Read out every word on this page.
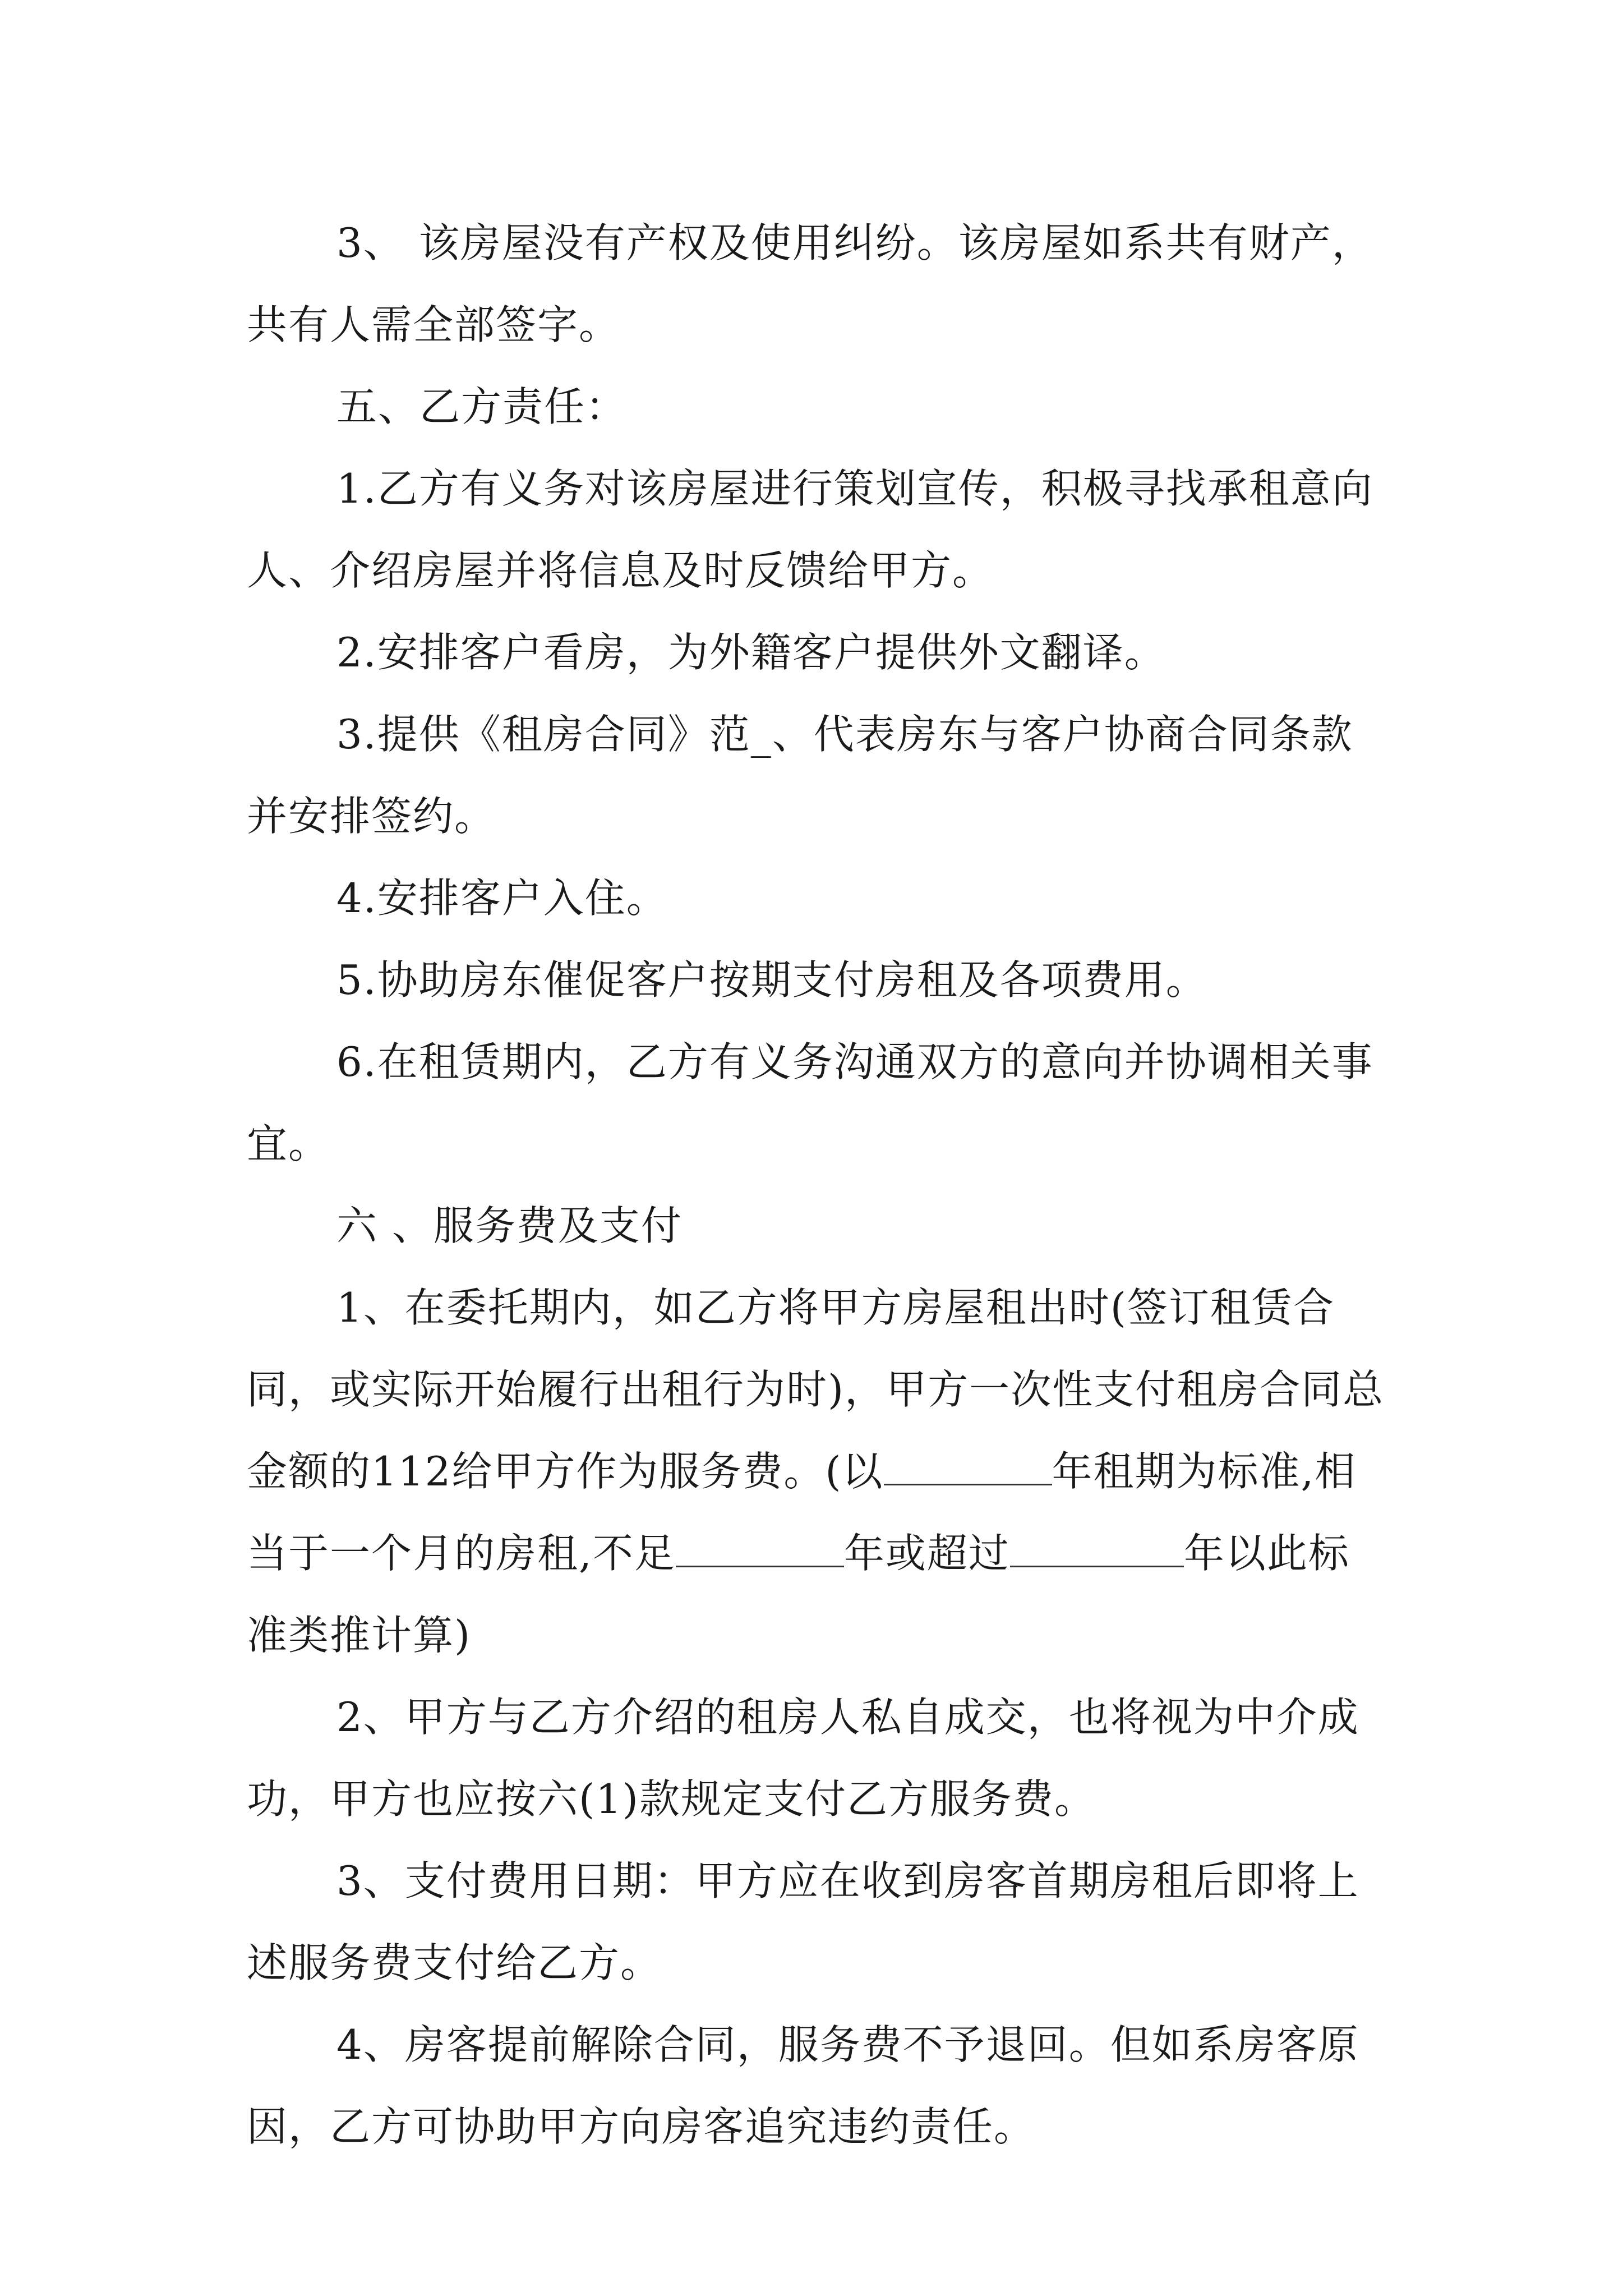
3、 该房屋没有产权及使用纠纷。该房屋如系共有财产，共有人需全部签字。

五、乙方责任：

1.乙方有义务对该房屋进行策划宣传，积极寻找承租意向人、介绍房屋并将信息及时反馈给甲方。

2.安排客户看房，为外籍客户提供外文翻译。

3.提供《租房合同》范_、代表房东与客户协商合同条款并安排签约。

4.安排客户入住。

5.协助房东催促客户按期支付房租及各项费用。

6.在租赁期内，乙方有义务沟通双方的意向并协调相关事宜。

六 、服务费及支付

1、在委托期内，如乙方将甲方房屋租出时(签订租赁合同，或实际开始履行出租行为时)，甲方一次性支付租房合同总金额的112给甲方作为服务费。(以	年租期为标准,相当于一个月的房租,不足	年或超过	年以此标准类推计算)

2、甲方与乙方介绍的租房人私自成交，也将视为中介成功，甲方也应按六(1)款规定支付乙方服务费。

3、支付费用日期：甲方应在收到房客首期房租后即将上述服务费支付给乙方。

4、房客提前解除合同，服务费不予退回。但如系房客原因，乙方可协助甲方向房客追究违约责任。
